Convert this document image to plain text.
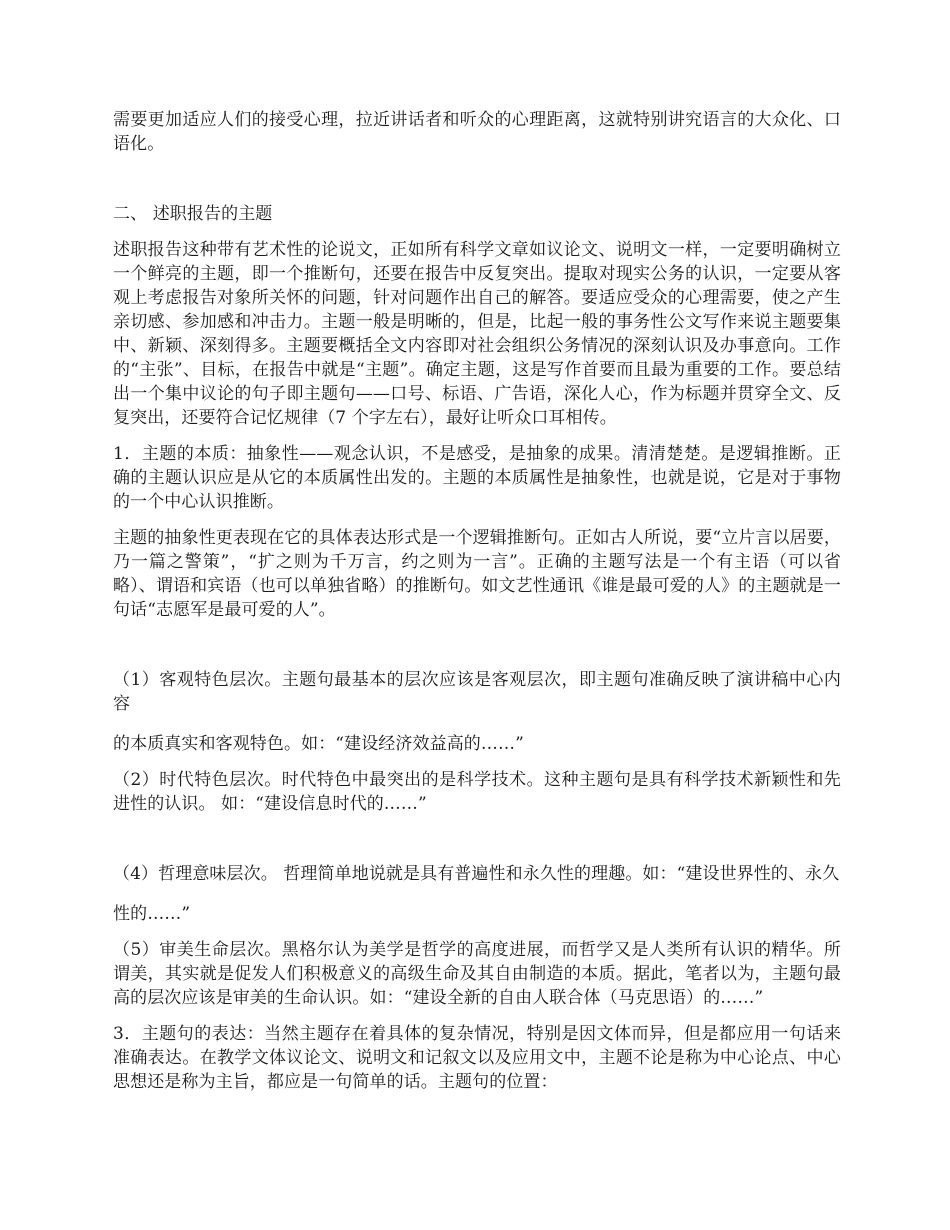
需要更加适应人们的接受心理，拉近讲话者和听众的心理距离，这就特别讲究语言的大众化、口语化。

二、 述职报告的主题

述职报告这种带有艺术性的论说文，正如所有科学文章如议论文、说明文一样，一定要明确树立一个鲜亮的主题，即一个推断句，还要在报告中反复突出。提取对现实公务的认识，一定要从客观上考虑报告对象所关怀的问题，针对问题作出自己的解答。要适应受众的心理需要，使之产生亲切感、参加感和冲击力。主题一般是明晰的，但是，比起一般的事务性公文写作来说主题要集中、新颖、深刻得多。主题要概括全文内容即对社会组织公务情况的深刻认识及办事意向。工作的“主张”、目标，在报告中就是“主题”。确定主题，这是写作首要而且最为重要的工作。要总结出一个集中议论的句子即主题句——口号、标语、广告语，深化人心，作为标题并贯穿全文、反复突出，还要符合记忆规律（7 个字左右），最好让听众口耳相传。

1．主题的本质：抽象性——观念认识，不是感受，是抽象的成果。清清楚楚。是逻辑推断。正确的主题认识应是从它的本质属性出发的。主题的本质属性是抽象性，也就是说，它是对于事物的一个中心认识推断。

主题的抽象性更表现在它的具体表达形式是一个逻辑推断句。正如古人所说，要“立片言以居要，乃一篇之警策”，“扩之则为千万言，约之则为一言”。正确的主题写法是一个有主语（可以省略）、谓语和宾语（也可以单独省略）的推断句。如文艺性通讯《谁是最可爱的人》的主题就是一句话“志愿军是最可爱的人”。

（1）客观特色层次。主题句最基本的层次应该是客观层次，即主题句准确反映了演讲稿中心内容

的本质真实和客观特色。如：“建设经济效益高的……”

（2）时代特色层次。时代特色中最突出的是科学技术。这种主题句是具有科学技术新颖性和先进性的认识。 如：“建设信息时代的……”

（4）哲理意味层次。 哲理简单地说就是具有普遍性和永久性的理趣。如：“建设世界性的、永久

性的……”

（5）审美生命层次。黑格尔认为美学是哲学的高度进展，而哲学又是人类所有认识的精华。所谓美，其实就是促发人们积极意义的高级生命及其自由制造的本质。据此，笔者以为，主题句最高的层次应该是审美的生命认识。如：“建设全新的自由人联合体（马克思语）的……”

3．主题句的表达：当然主题存在着具体的复杂情况，特别是因文体而异，但是都应用一句话来准确表达。在教学文体议论文、说明文和记叙文以及应用文中，主题不论是称为中心论点、中心思想还是称为主旨，都应是一句简单的话。主题句的位置：
